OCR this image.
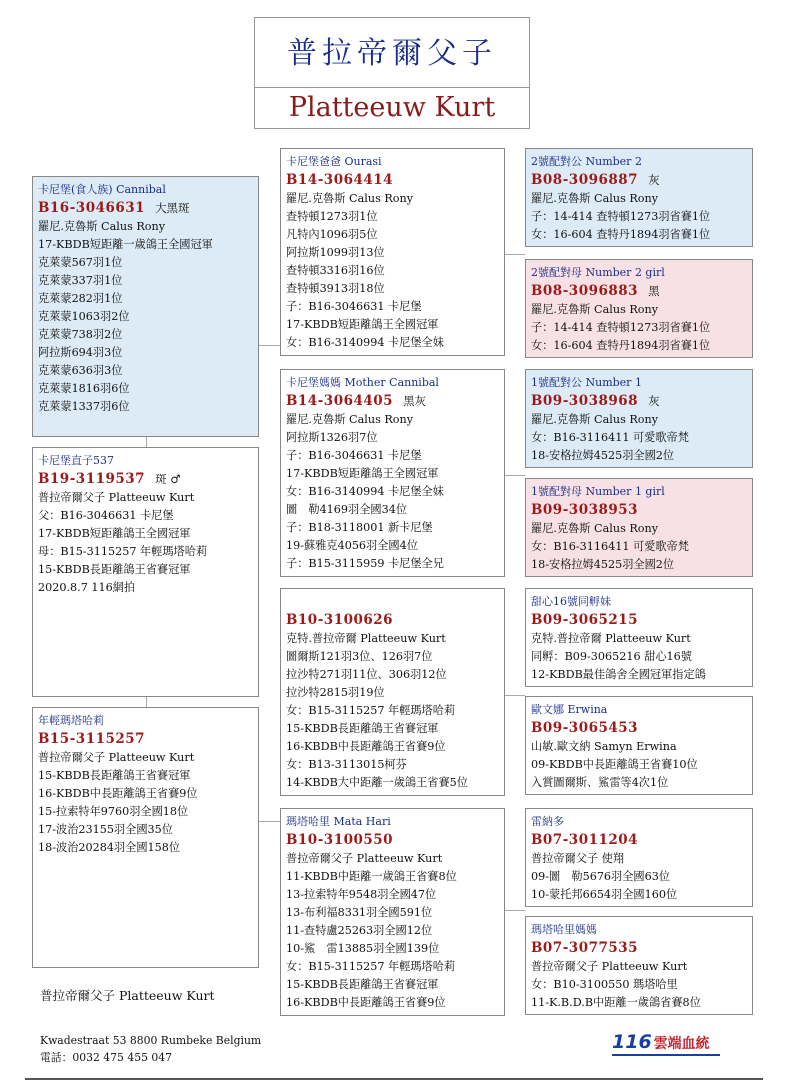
普拉帝爾父子
Platteeuw Kurt
卡尼堡(食人族) Cannibal
B16-3046631 大黑斑
羅尼.克魯斯 Calus Rony
17-KBDB短距離一歲鴿王全國冠軍
克萊蒙567羽1位
克萊蒙337羽1位
克萊蒙282羽1位
克萊蒙1063羽2位
克萊蒙738羽2位
阿拉斯694羽3位
克萊蒙636羽3位
克萊蒙1816羽6位
克萊蒙1337羽6位
卡尼堡直子537
B19-3119537 斑 ♂
普拉帝爾父子 Platteeuw Kurt
父：B16-3046631 卡尼堡
17-KBDB短距離鴿王全國冠軍
母：B15-3115257 年輕瑪塔哈莉
15-KBDB長距離鴿王省賽冠軍
2020.8.7 116網拍
年輕瑪塔哈莉
B15-3115257
普拉帝爾父子 Platteeuw Kurt
15-KBDB長距離鴿王省賽冠軍
16-KBDB中長距離鴿王省賽9位
15-拉索特年9760羽全國18位
17-波治23155羽全國35位
18-波治20284羽全國158位
卡尼堡爸爸 Ourasi
B14-3064414
羅尼.克魯斯 Calus Rony
查特頓1273羽1位
凡特內1096羽5位
阿拉斯1099羽13位
查特頓3316羽16位
查特頓3913羽18位
子：B16-3046631 卡尼堡
17-KBDB短距離鴿王全國冠軍
女：B16-3140994 卡尼堡全妹
卡尼堡媽媽 Mother Cannibal
B14-3064405 黑灰
羅尼.克魯斯 Calus Rony
阿拉斯1326羽7位
子：B16-3046631 卡尼堡
17-KBDB短距離鴿王全國冠軍
女：B16-3140994 卡尼堡全妹
圖　勒4169羽全國34位
子：B18-3118001 新卡尼堡
19-蘇雅克4056羽全國4位
子：B15-3115959 卡尼堡全兄
B10-3100626
克特.普拉帝爾 Platteeuw Kurt
圖爾斯121羽3位、126羽7位
拉沙特271羽11位、306羽12位
拉沙特2815羽19位
女：B15-3115257 年輕瑪塔哈莉
15-KBDB長距離鴿王省賽冠軍
16-KBDB中長距離鴿王省賽9位
女：B13-3113015柯芬
14-KBDB大中距離一歲鴿王省賽5位
瑪塔哈里 Mata Hari
B10-3100550
普拉帝爾父子 Platteeuw Kurt
11-KBDB中距離一歲鴿王省賽8位
13-拉索特年9548羽全國47位
13-布利福8331羽全國591位
11-查特盧25263羽全國12位
10-鯊　雷13885羽全國139位
女：B15-3115257 年輕瑪塔哈莉
15-KBDB長距離鴿王省賽冠軍
16-KBDB中長距離鴿王省賽9位
2號配對公 Number 2
B08-3096887 灰
羅尼.克魯斯 Calus Rony
子：14-414 查特頓1273羽省賽1位
女：16-604 查特丹1894羽省賽1位
2號配對母 Number 2 girl
B08-3096883 黑
羅尼.克魯斯 Calus Rony
子：14-414 查特頓1273羽省賽1位
女：16-604 查特丹1894羽省賽1位
1號配對公 Number 1
B09-3038968 灰
羅尼.克魯斯 Calus Rony
女：B16-3116411 可愛歌帝梵
18-安格拉姆4525羽全國2位
1號配對母 Number 1 girl
B09-3038953
羅尼.克魯斯 Calus Rony
女：B16-3116411 可愛歌帝梵
18-安格拉姆4525羽全國2位
甜心16號同孵妹
B09-3065215
克特.普拉帝爾 Platteeuw Kurt
同孵：B09-3065216 甜心16號
12-KBDB最佳鴿舍全國冠軍指定鴿
歐文娜 Erwina
B09-3065453
山敏.歐文納 Samyn Erwina
09-KBDB中長距離鴿王省賽10位
入賞圖爾斯、鯊雷等4次1位
雷納多
B07-3011204
普拉帝爾父子 使翔
09-圖　勒5676羽全國63位
10-蒙托邦6654羽全國160位
瑪塔哈里媽媽
B07-3077535
普拉帝爾父子 Platteeuw Kurt
女：B10-3100550 瑪塔哈里
11-K.B.D.B中距離一歲鴿省賽8位
普拉帝爾父子 Platteeuw Kurt
Kwadestraat 53 8800 Rumbeke Belgium
電話：0032 475 455 047
116 雲端血統
